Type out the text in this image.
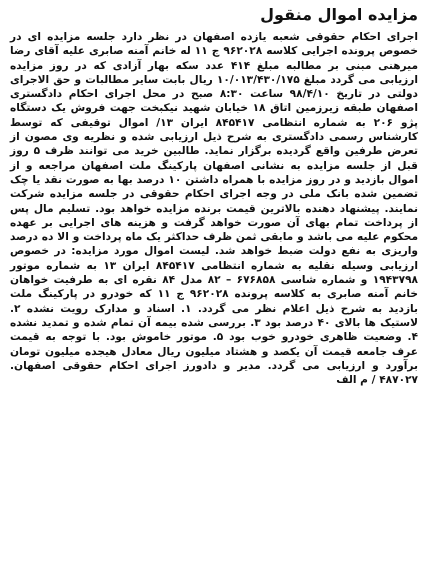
مزایده اموال منقول

اجرای احکام حقوقی شعبه یازده اصفهان در نظر دارد جلسه مزایده ای در خصوص پرونده اجرایی کلاسه ۹۶۲۰۲۸ ج ۱۱ له خانم آمنه صابری علیه آقای رضا میرهنی مبنی بر مطالبه مبلغ ۴۱۴ عدد سکه بهار آزادی که در روز مزایده ارزیابی می گردد مبلغ ۱۰/۰۱۳/۴۳۰/۱۷۵ ریال بابت سایر مطالبات و حق الاجرای دولتی در تاریخ ۹۸/۴/۱۰ ساعت ۸:۳۰ صبح در محل اجرای احکام دادگستری اصفهان طبقه زیرزمین اتاق ۱۸ خیابان شهید نیکبخت جهت فروش یک دستگاه پژو ۲۰۶ به شماره انتظامی ۸۴۵۴۱۷ ایران ۱۳/ اموال توقیفی که توسط کارشناس رسمی دادگستری به شرح ذیل ارزیابی شده و نظریه وی مصون از تعرض طرفین واقع گردیده برگزار نماید. طالبین خرید می توانند ظرف ۵ روز قبل از جلسه مزایده به نشانی اصفهان پارکینگ ملت اصفهان مراجعه و از اموال بازدید و در روز مزایده با همراه داشتن ۱۰ درصد بها به صورت نقد یا چک تضمین شده بانک ملی در وجه اجرای احکام حقوقی در جلسه مزایده شرکت نمایند. پیشنهاد دهنده بالاترین قیمت برنده مزایده خواهد بود. تسلیم مال پس از پرداخت تمام بهای آن صورت خواهد گرفت و هزینه های اجرایی بر عهده محکوم علیه می باشد و مابقی ثمن ظرف حداکثر یک ماه پرداخت و الا ده درصد واریزی به نفع دولت ضبط خواهد شد. لیست اموال مورد مزایده: در خصوص ارزیابی وسیله نقلیه به شماره انتظامی ۸۴۵۴۱۷ ایران ۱۳ به شماره موتور ۱۹۴۳۷۹۸ و شماره شاسی ۶۷۶۸۵۸ – ۸۲ مدل ۸۴ نقره ای به طرفیت خواهان خانم آمنه صابری به کلاسه پرونده ۹۶۲۰۲۸ ج ۱۱ که خودرو در پارکینگ ملت بازدید به شرح ذیل اعلام نظر می گردد. ۱. اسناد و مدارک رویت نشده ۲. لاستیک ها بالای ۴۰ درصد بود ۳. بررسی شده بیمه آن تمام شده و تمدید نشده ۴. وضعیت ظاهری خودرو خوب بود ۵. موتور خاموش بود. با توجه به قیمت عرف جامعه قیمت آن یکصد و هشتاد میلیون ریال معادل هیجده میلیون تومان برآورد و ارزیابی می گردد. مدیر و دادورز اجرای احکام حقوقی اصفهان. ۴۸۷۰۲۷ / م الف
